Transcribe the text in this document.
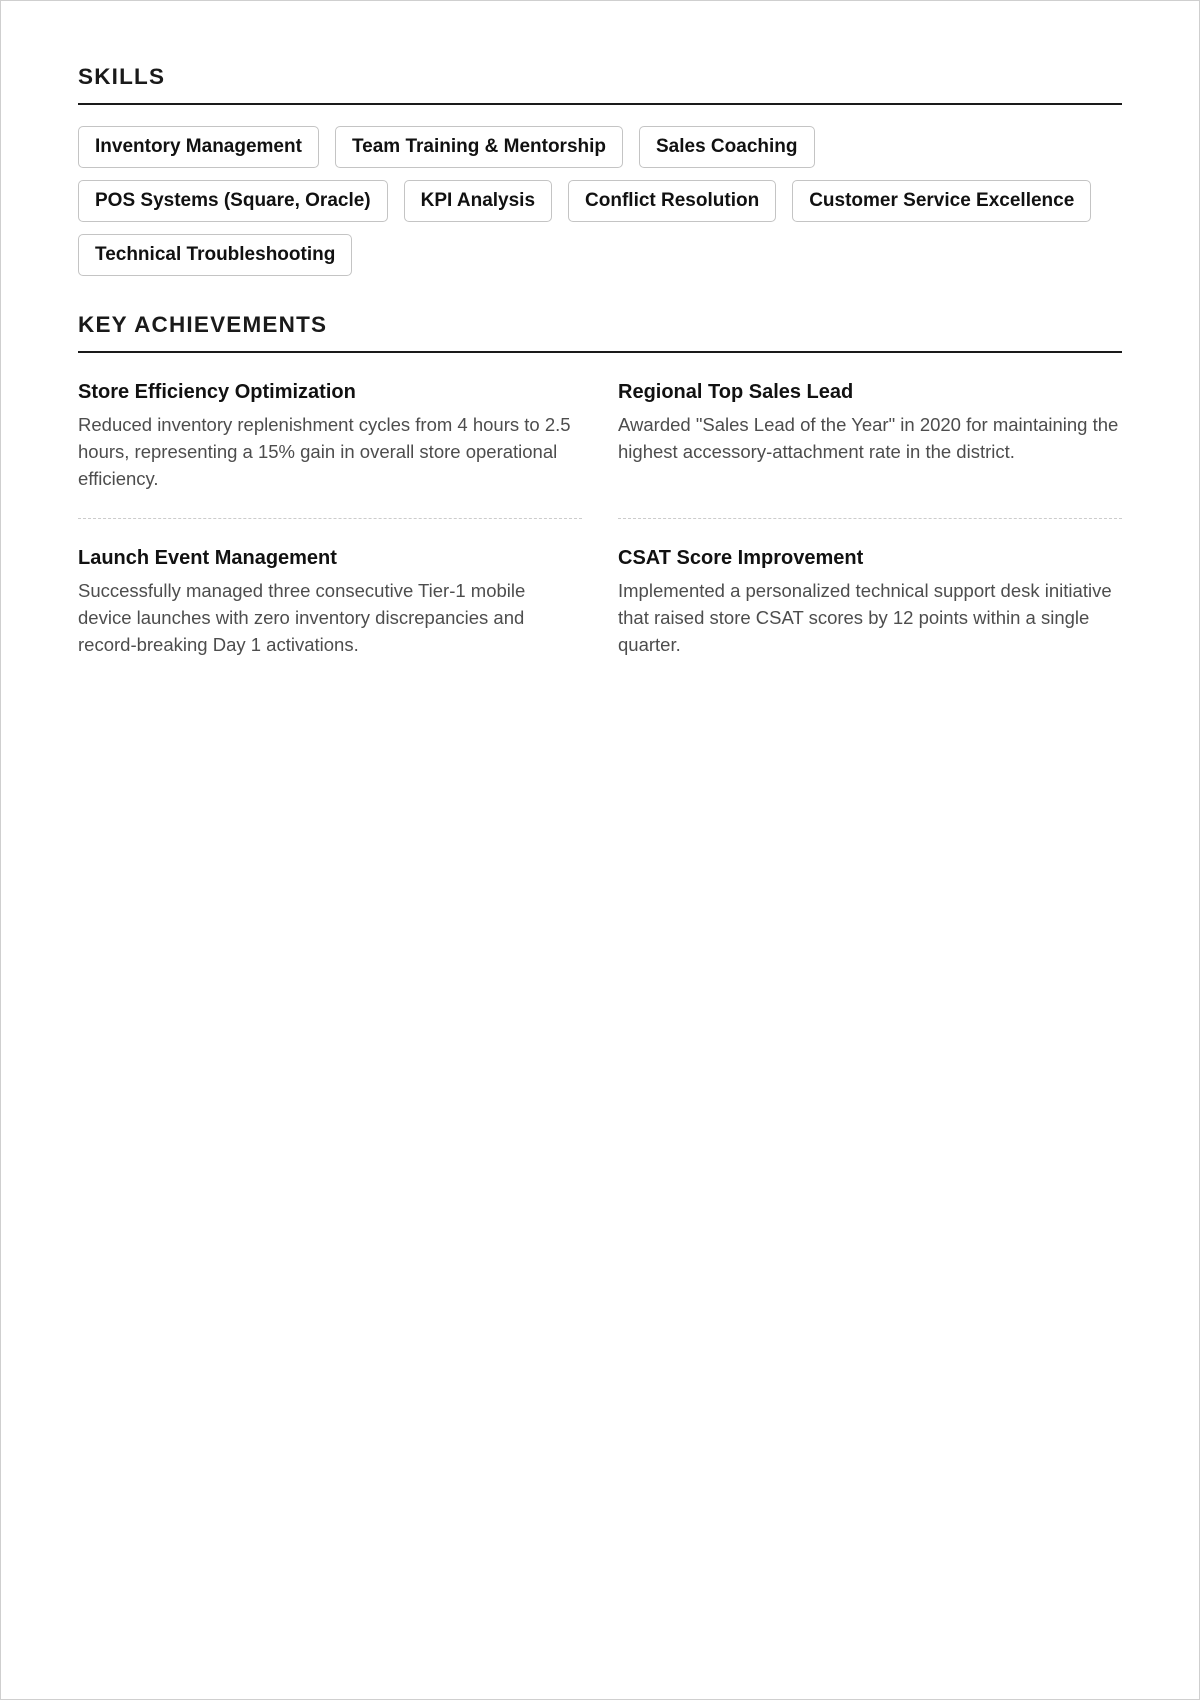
SKILLS
Inventory Management	Team Training & Mentorship	Sales Coaching
POS Systems (Square, Oracle)	KPI Analysis	Conflict Resolution	Customer Service Excellence
Technical Troubleshooting
KEY ACHIEVEMENTS
Store Efficiency Optimization

Reduced inventory replenishment cycles from 4 hours to 2.5 hours, representing a 15% gain in overall store operational efficiency.

Regional Top Sales Lead

Awarded "Sales Lead of the Year" in 2020 for maintaining the highest accessory-attachment rate in the district.

Launch Event Management

Successfully managed three consecutive Tier-1 mobile device launches with zero inventory discrepancies and record-breaking Day 1 activations.

CSAT Score Improvement

Implemented a personalized technical support desk initiative that raised store CSAT scores by 12 points within a single quarter.
